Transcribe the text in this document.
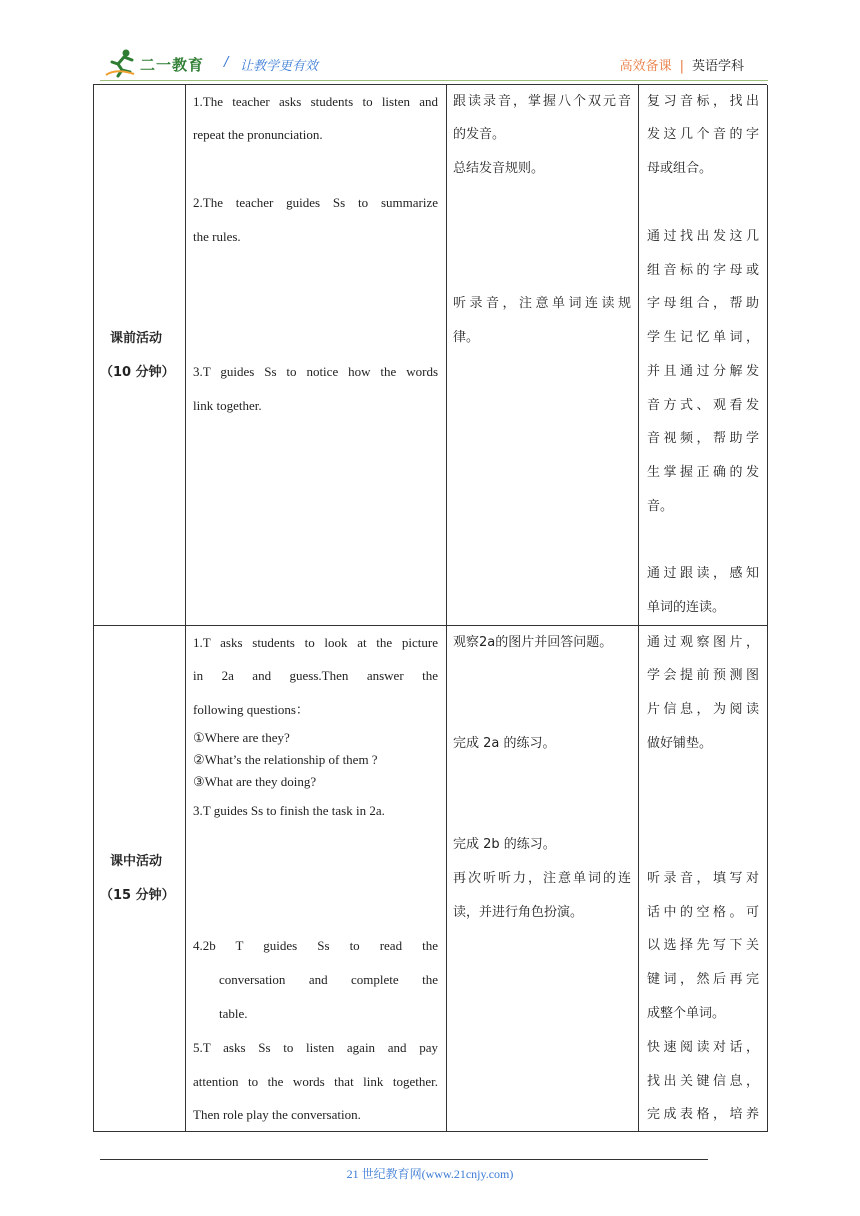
二一教育 / 让教学更有效	高效备课 | 英语学科
课前活动
（10 分钟）
1.The teacher asks students to listen and
repeat the pronunciation.
2.The teacher guides Ss to summarize
the rules.
3.T guides Ss to notice how the words
link together.
跟读录音，掌握八个双元音
的发音。
总结发音规则。
听录音，注意单词连读规
律。
复习音标，找出
发这几个音的字
母或组合。
通过找出发这几
组音标的字母或
字母组合，帮助
学生记忆单词，
并且通过分解发
音方式、观看发
音视频，帮助学
生掌握正确的发
音。
通过跟读，感知
单词的连读。
课中活动
（15 分钟）
1.T asks students to look at the picture
in 2a and guess.Then answer the
following questions：
①Where are they?
②What’s the relationship of them ?
③What are they doing?
3.T guides Ss to finish the task in 2a.
4.2b T guides Ss to read the
conversation and complete the
table.
5.T asks Ss to listen again and pay
attention to the words that link together.
Then role play the conversation.
观察2a的图片并回答问题。
完成 2a 的练习。
完成 2b 的练习。
再次听听力，注意单词的连
读，并进行角色扮演。
通过观察图片，
学会提前预测图
片信息，为阅读
做好铺垫。
听录音，填写对
话中的空格。可
以选择先写下关
键词，然后再完
成整个单词。
快速阅读对话，
找出关键信息，
完成表格，培养
21 世纪教育网(www.21cnjy.com)
